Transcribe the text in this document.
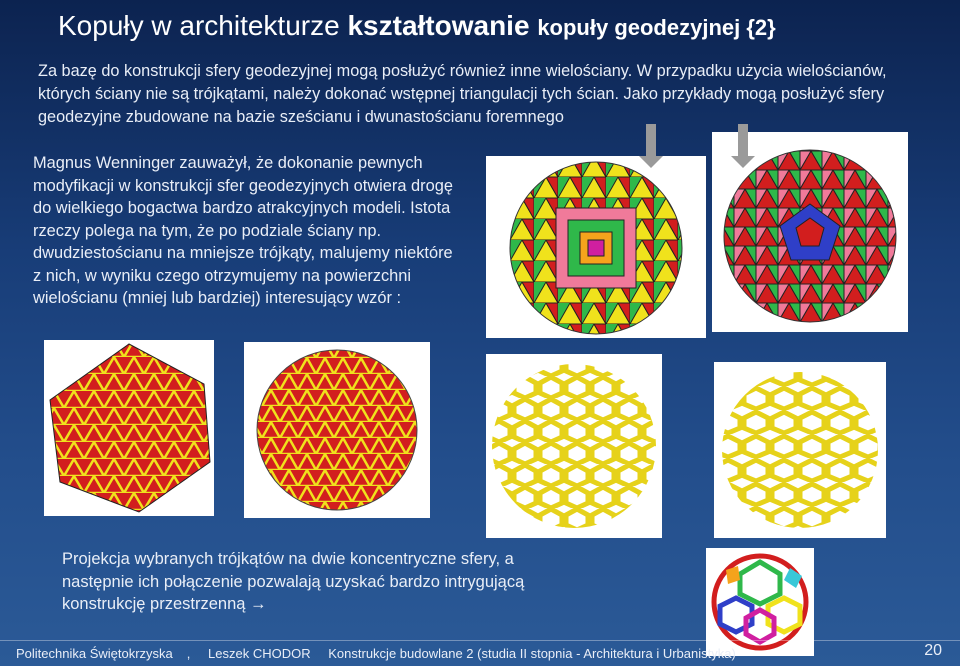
Kopuły w architekturze kształtowanie kopuły geodezyjnej {2}
Za bazę do konstrukcji sfery geodezyjnej mogą posłużyć również inne wielościany. W przypadku użycia wielościanów, których ściany nie są trójkątami, należy dokonać wstępnej triangulacji tych ścian. Jako przykłady mogą posłużyć sfery geodezyjne zbudowane na bazie sześcianu i dwunastościanu foremnego
Magnus Wenninger zauważył, że dokonanie pewnych modyfikacji w konstrukcji sfer geodezyjnych otwiera drogę do wielkiego bogactwa bardzo atrakcyjnych modeli. Istota rzeczy polega na tym, że po podziale ściany np. dwudziestościanu na mniejsze trójkąty, malujemy niektóre z nich, w wyniku czego otrzymujemy na powierzchni wielościanu (mniej lub bardziej) interesujący wzór :
Projekcja wybranych trójkątów na dwie koncentryczne sfery, a następnie ich połączenie pozwalają uzyskać bardzo intrygującą konstrukcję przestrzenną →
Politechnika Świętokrzyska , Leszek CHODOR Konstrukcje budowlane 2 (studia II stopnia - Architektura i Urbanistyka)	20
